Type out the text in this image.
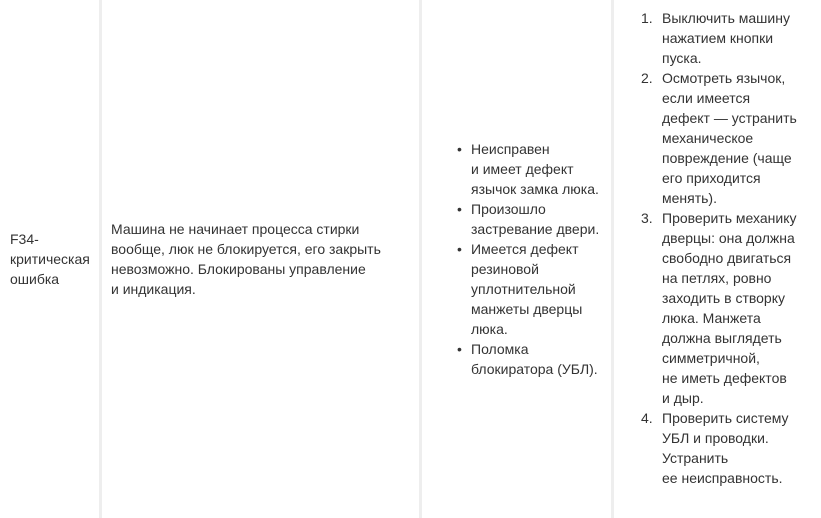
F34-
критическая
ошибка
Машина не начинает процесса стирки
вообще, люк не блокируется, его закрыть
невозможно. Блокированы управление
и индикация.
• Неисправен
и имеет дефект
язычок замка люка.
• Произошло
застревание двери.
• Имеется дефект
резиновой
уплотнительной
манжеты дверцы
люка.
• Поломка
блокиратора (УБЛ).
1. Выключить машину
нажатием кнопки
пуска.
2. Осмотреть язычок,
если имеется
дефект — устранить
механическое
повреждение (чаще
его приходится
менять).
3. Проверить механику
дверцы: она должна
свободно двигаться
на петлях, ровно
заходить в створку
люка. Манжета
должна выглядеть
симметричной,
не иметь дефектов
и дыр.
4. Проверить систему
УБЛ и проводки.
Устранить
ее неисправность.
